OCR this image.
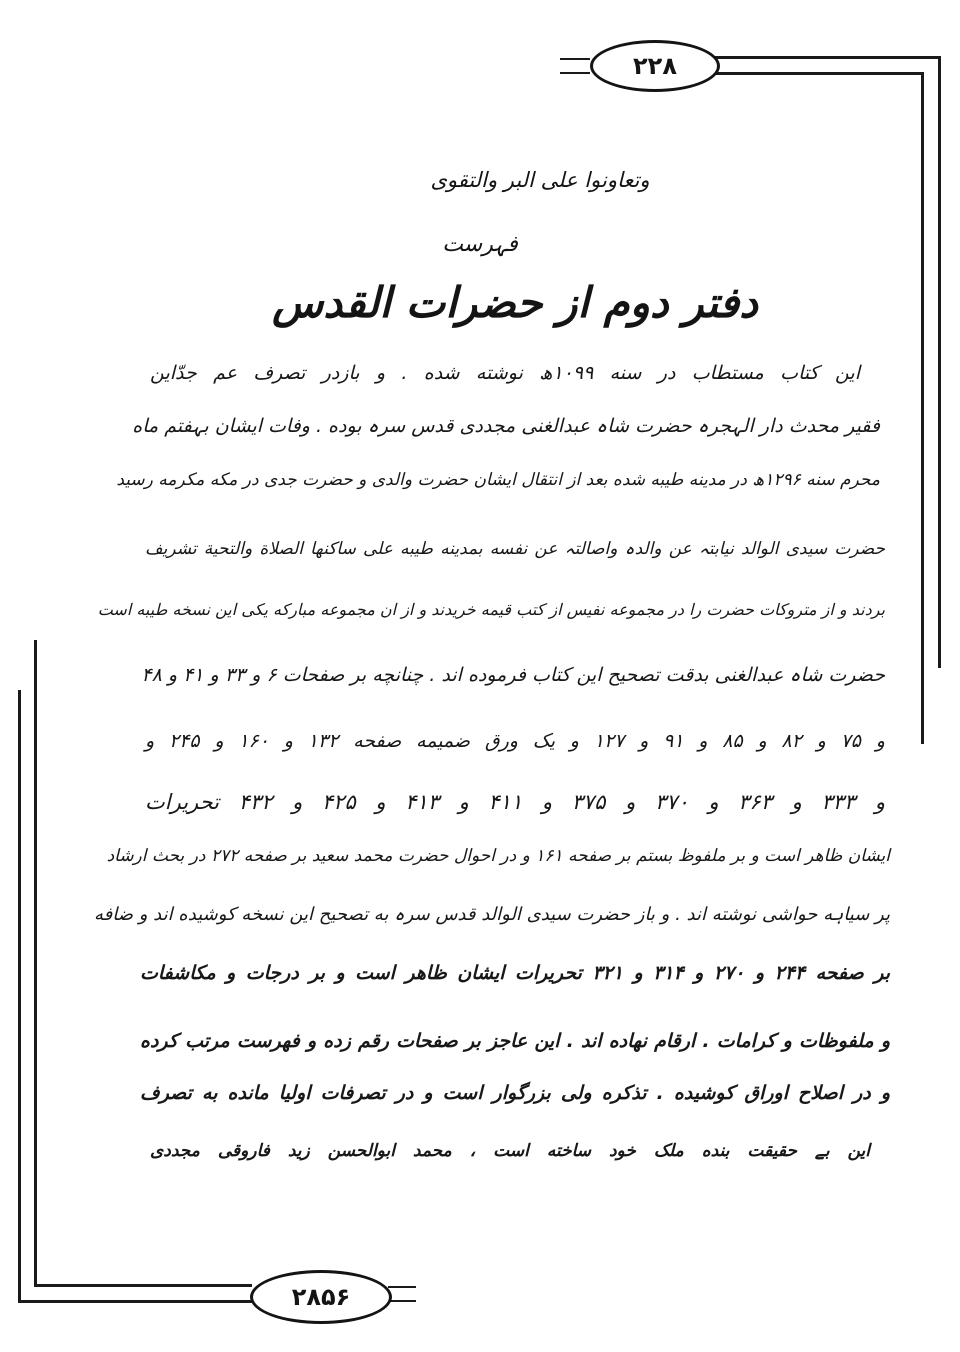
۲۲۸
۲۸۵۶
وتعاونوا علی البر والتقوی
فہرست
دفتر دوم از حضرات القدس
این کتاب مستطاب در سنه ۱۰۹۹ھ نوشته شده . و بازدر تصرف عم جدّاین
فقیر محدث دار الہجرہ حضرت شاہ عبدالغنی مجددی قدس سرہ بوده . وفات ایشان بہفتم ماه
محرم سنه ۱۲۹۶ھ در مدینه طیبه شده بعد از انتقال ایشان حضرت والدی و حضرت جدی در مکه مکرمه رسید
حضرت سیدی الوالد نیابتہ عن والدہ واصالتہ عن نفسه بمدینه طیبه علی ساکنها الصلاة والتحیة تشریف
بردند و از متروکات حضرت را در مجموعه نفیس از کتب قیمه خریدند و از ان مجموعه مبارکه یکی این نسخه طیبه است
حضرت شاہ عبدالغنی بدقت تصحیح این کتاب فرموده اند . چنانچه بر صفحات ۶ و ۳۳ و ۴۱ و ۴۸
و ۷۵ و ۸۲ و ۸۵ و ۹۱ و ۱۲۷ و یک ورق ضمیمه صفحه ۱۳۲ و ۱۶۰ و ۲۴۵ و
و ۳۳۳ و ۳۶۳ و ۳۷۰ و ۳۷۵ و ۴۱۱ و ۴۱۳ و ۴۲۵ و ۴۳۲ تحریرات
ایشان ظاهر است و بر ملفوظ بستم بر صفحه ۱۶۱ و در احوال حضرت محمد سعید بر صفحه ۲۷۲ در بحث ارشاد
پر سیاہه حواشی نوشته اند . و باز حضرت سیدی الوالد قدس سرہ به تصحیح این نسخه کوشیده اند و ضافه
بر صفحه ۲۴۴ و ۲۷۰ و ۳۱۴ و ۳۲۱ تحریرات ایشان ظاهر است و بر درجات و مکاشفات
و ملفوظات و کرامات . ارقام نهاده اند . این عاجز بر صفحات رقم زده و فهرست مرتب کرده
و در اصلاح اوراق کوشیده . تذکره ولی بزرگوار است و در تصرفات اولیا مانده به تصرف
این بے حقیقت بنده ملک خود ساخته است ، محمد ابوالحسن زید فاروقی مجددی
